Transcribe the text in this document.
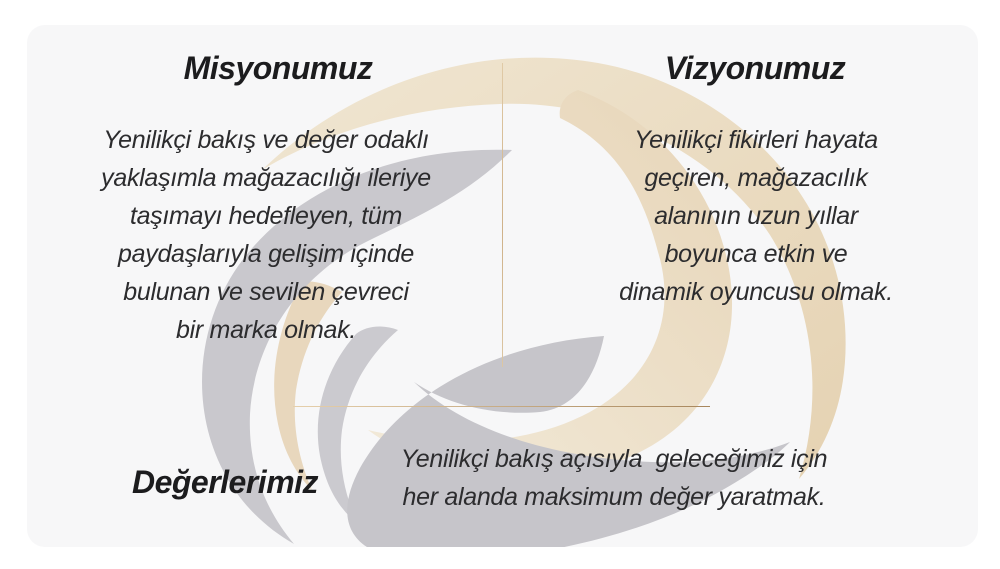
Misyonumuz	Vizyonumuz
Yenilikçi bakış ve değer odaklı
yaklaşımla mağazacılığı ileriye
taşımayı hedefleyen, tüm
paydaşlarıyla gelişim içinde
bulunan ve sevilen çevreci
bir marka olmak.
Yenilikçi fikirleri hayata
geçiren, mağazacılık
alanının uzun yıllar
boyunca etkin ve
dinamik oyuncusu olmak.
Değerlerimiz
Yenilikçi bakış açısıyla  geleceğimiz için
her alanda maksimum değer yaratmak.
